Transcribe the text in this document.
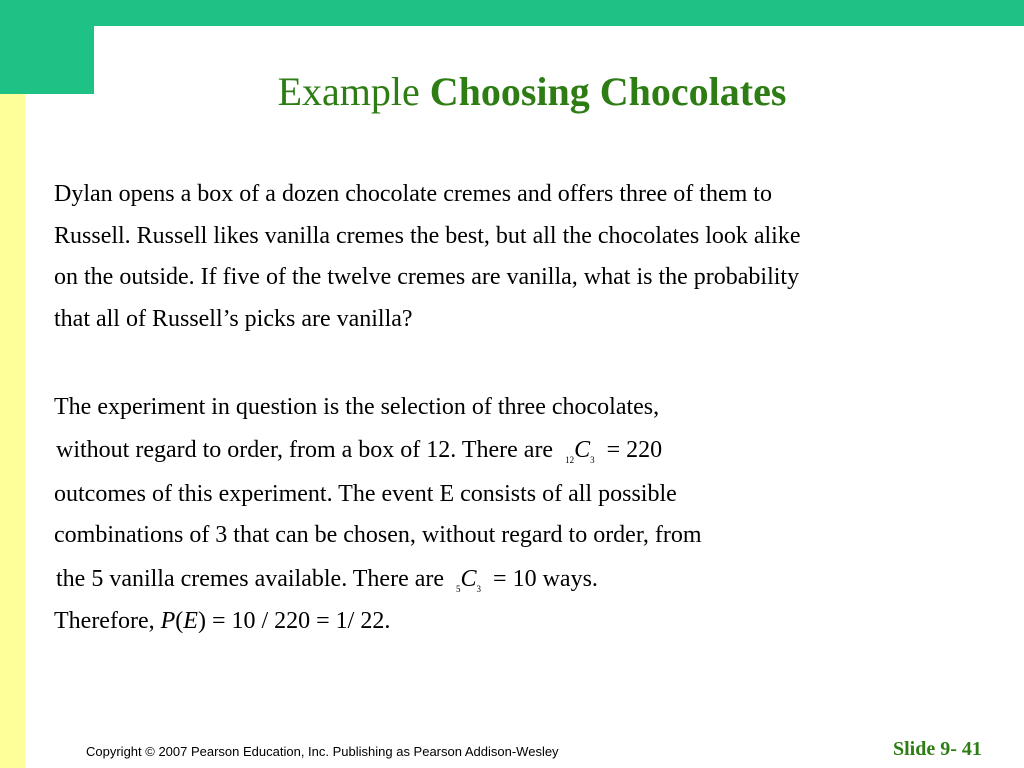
Example Choosing Chocolates
Dylan opens a box of a dozen chocolate cremes and offers three of them to
Russell. Russell likes vanilla cremes the best, but all the chocolates look alike
on the outside. If five of the twelve cremes are vanilla, what is the probability
that all of Russell’s picks are vanilla?
The experiment in question is the selection of three chocolates,
without regard to order, from a box of 12. There are $_{12}C_3 = 220$
outcomes of this experiment. The event E consists of all possible
combinations of 3 that can be chosen, without regard to order, from
the 5 vanilla cremes available. There are $_5C_3 = 10$ ways.
Therefore, P(E) = 10 / 220 = 1/ 22.
Copyright © 2007 Pearson Education, Inc. Publishing as Pearson Addison-Wesley	Slide 9- 41
